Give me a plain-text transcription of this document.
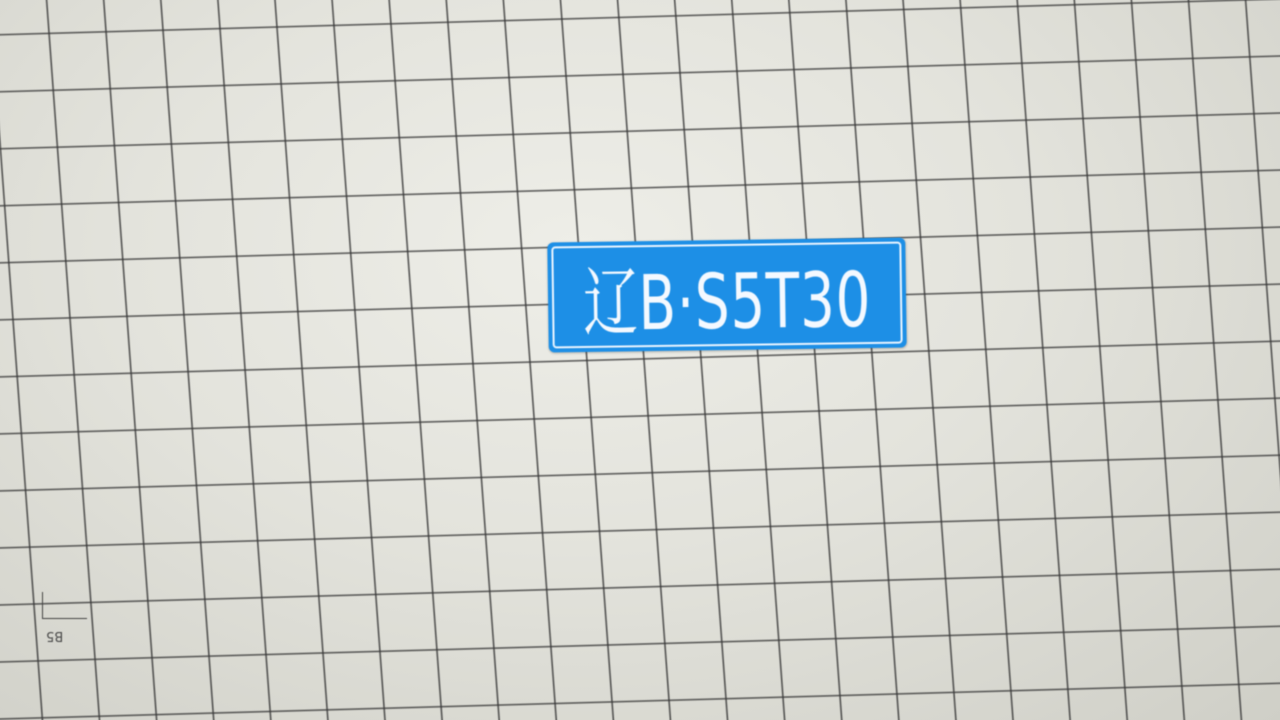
辽B·S5T30
B5
